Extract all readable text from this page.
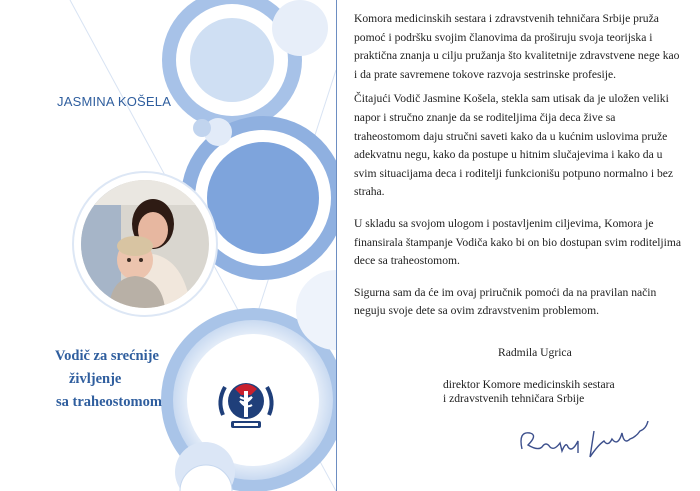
JASMINA KOŠELA
Vodič za srećnije
življenje
sa traheostomom

Komora medicinskih sestara i zdravstvenih tehničara Srbije pruža pomoć i podršku svojim članovima da proširuju svoja teorijska i praktična znanja u cilju pružanja što kvalitetnije zdravstvene nege kao i da prate savremene tokove razvoja sestrinske profesije.

Čitajući Vodič Jasmine Košela, stekla sam utisak da je uložen veliki napor i stručno znanje da se roditeljima čija deca žive sa traheostomom daju stručni saveti kako da u kućnim uslovima pruže adekvatnu negu, kako da postupe u hitnim slučajevima i kako da u svim situacijama deca i roditelji funkcionišu potpuno normalno i bez straha.

U skladu sa svojom ulogom i postavljenim ciljevima, Komora je finansirala štampanje Vodiča kako bi on bio dostupan svim roditeljima dece sa traheostomom.

Sigurna sam da će im ovaj priručnik pomoći da na pravilan način neguju svoje dete sa ovim zdravstvenim problemom.

Radmila Ugrica
direktor Komore medicinskih sestara
i zdravstvenih tehničara Srbije
